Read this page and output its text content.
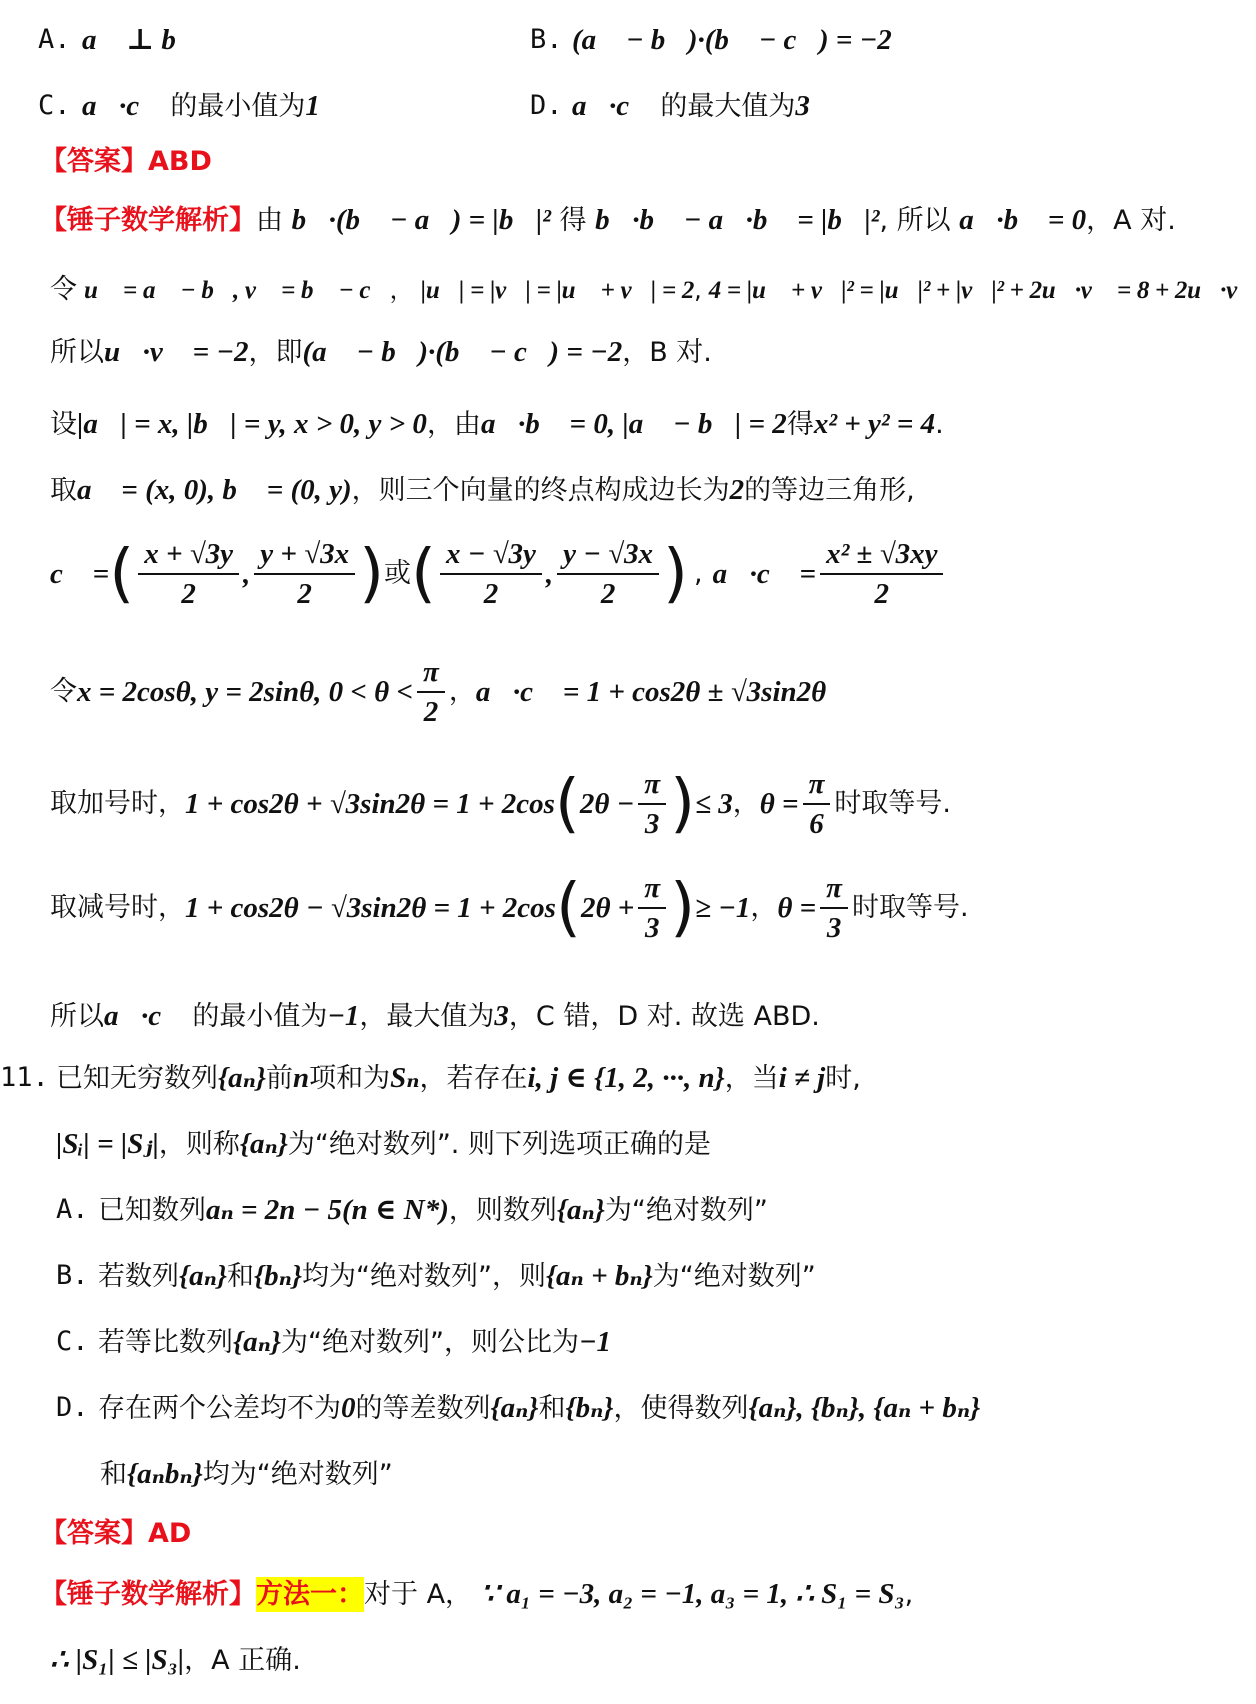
A. a⃗ ⊥ b⃗	B. (a⃗ − b⃗)·(b⃗ − c⃗) = −2
C. a⃗·c⃗ 的最小值为1	D. a⃗·c⃗ 的最大值为3
【答案】ABD
【锤子数学解析】由 b⃗·(b⃗ − a⃗) = |b⃗|² 得 b⃗·b⃗ − a⃗·b⃗ = |b⃗|², 所以 a⃗·b⃗ = 0，A 对.
令 u⃗ = a⃗ − b⃗, v⃗ = b⃗ − c⃗， |u⃗| = |v⃗| = |u⃗ + v⃗| = 2, 4 = |u⃗ + v⃗|² = |u⃗|² + |v⃗|² + 2u⃗·v⃗ = 8 + 2u⃗·v⃗
所以u⃗·v⃗ = −2，即(a⃗ − b⃗)·(b⃗ − c⃗) = −2，B 对.
设|a⃗| = x, |b⃗| = y, x > 0, y > 0，由a⃗·b⃗ = 0, |a⃗ − b⃗| = 2得x² + y² = 4.
取a⃗ = (x, 0), b⃗ = (0, y)，则三个向量的终点构成边长为2的等边三角形,
c⃗ = ( $\frac{x + √3y}{2}$ , $\frac{y + √3x}{2}$ ) 或 ( $\frac{x - √3y}{2}$ , $\frac{y - √3x}{2}$ ) , a⃗·c⃗ = $\frac{\text{x² ± √3xy}}{2}$
令 x = 2cosθ, y = 2sinθ, $0 < \theta < \frac{\pi}{2}$ ， a⃗·c⃗ = 1 + cos2θ ± √3sin2θ
取加号时， 1 + cos2θ + √3sin2θ = 1 + 2cos ( $2\theta - \frac{\pi}{3}$ ) ≤ 3 ， $\theta = \frac{\pi}{6}$ 时取等号.
取减号时， 1 + cos2θ − √3sin2θ = 1 + 2cos ( $2\theta + \frac{\pi}{3}$ ) ≥ −1 ， $\theta = \frac{\pi}{3}$ 时取等号.
所以a⃗·c⃗ 的最小值为−1，最大值为3，C 错，D 对. 故选 ABD.
11. 已知无穷数列{aₙ}前n项和为Sₙ，若存在i, j ∈ {1, 2, ···, n}，当i ≠ j时,
|Sᵢ| = |Sⱼ|，则称{aₙ}为“绝对数列”. 则下列选项正确的是
A. 已知数列aₙ = 2n − 5(n ∈ N*)，则数列{aₙ}为“绝对数列”
B. 若数列{aₙ}和{bₙ}均为“绝对数列”，则{aₙ + bₙ}为“绝对数列”
C. 若等比数列{aₙ}为“绝对数列”，则公比为−1
D. 存在两个公差均不为0的等差数列{aₙ}和{bₙ}，使得数列{aₙ}, {bₙ}, {aₙ + bₙ}
和{aₙbₙ}均为“绝对数列”
【答案】AD
【锤子数学解析】方法一：对于 A， ∵ a₁ = −3, a₂ = −1, a₃ = 1, ∴ S₁ = S₃,
∴ |S₁| ≤ |S₃|，A 正确.
